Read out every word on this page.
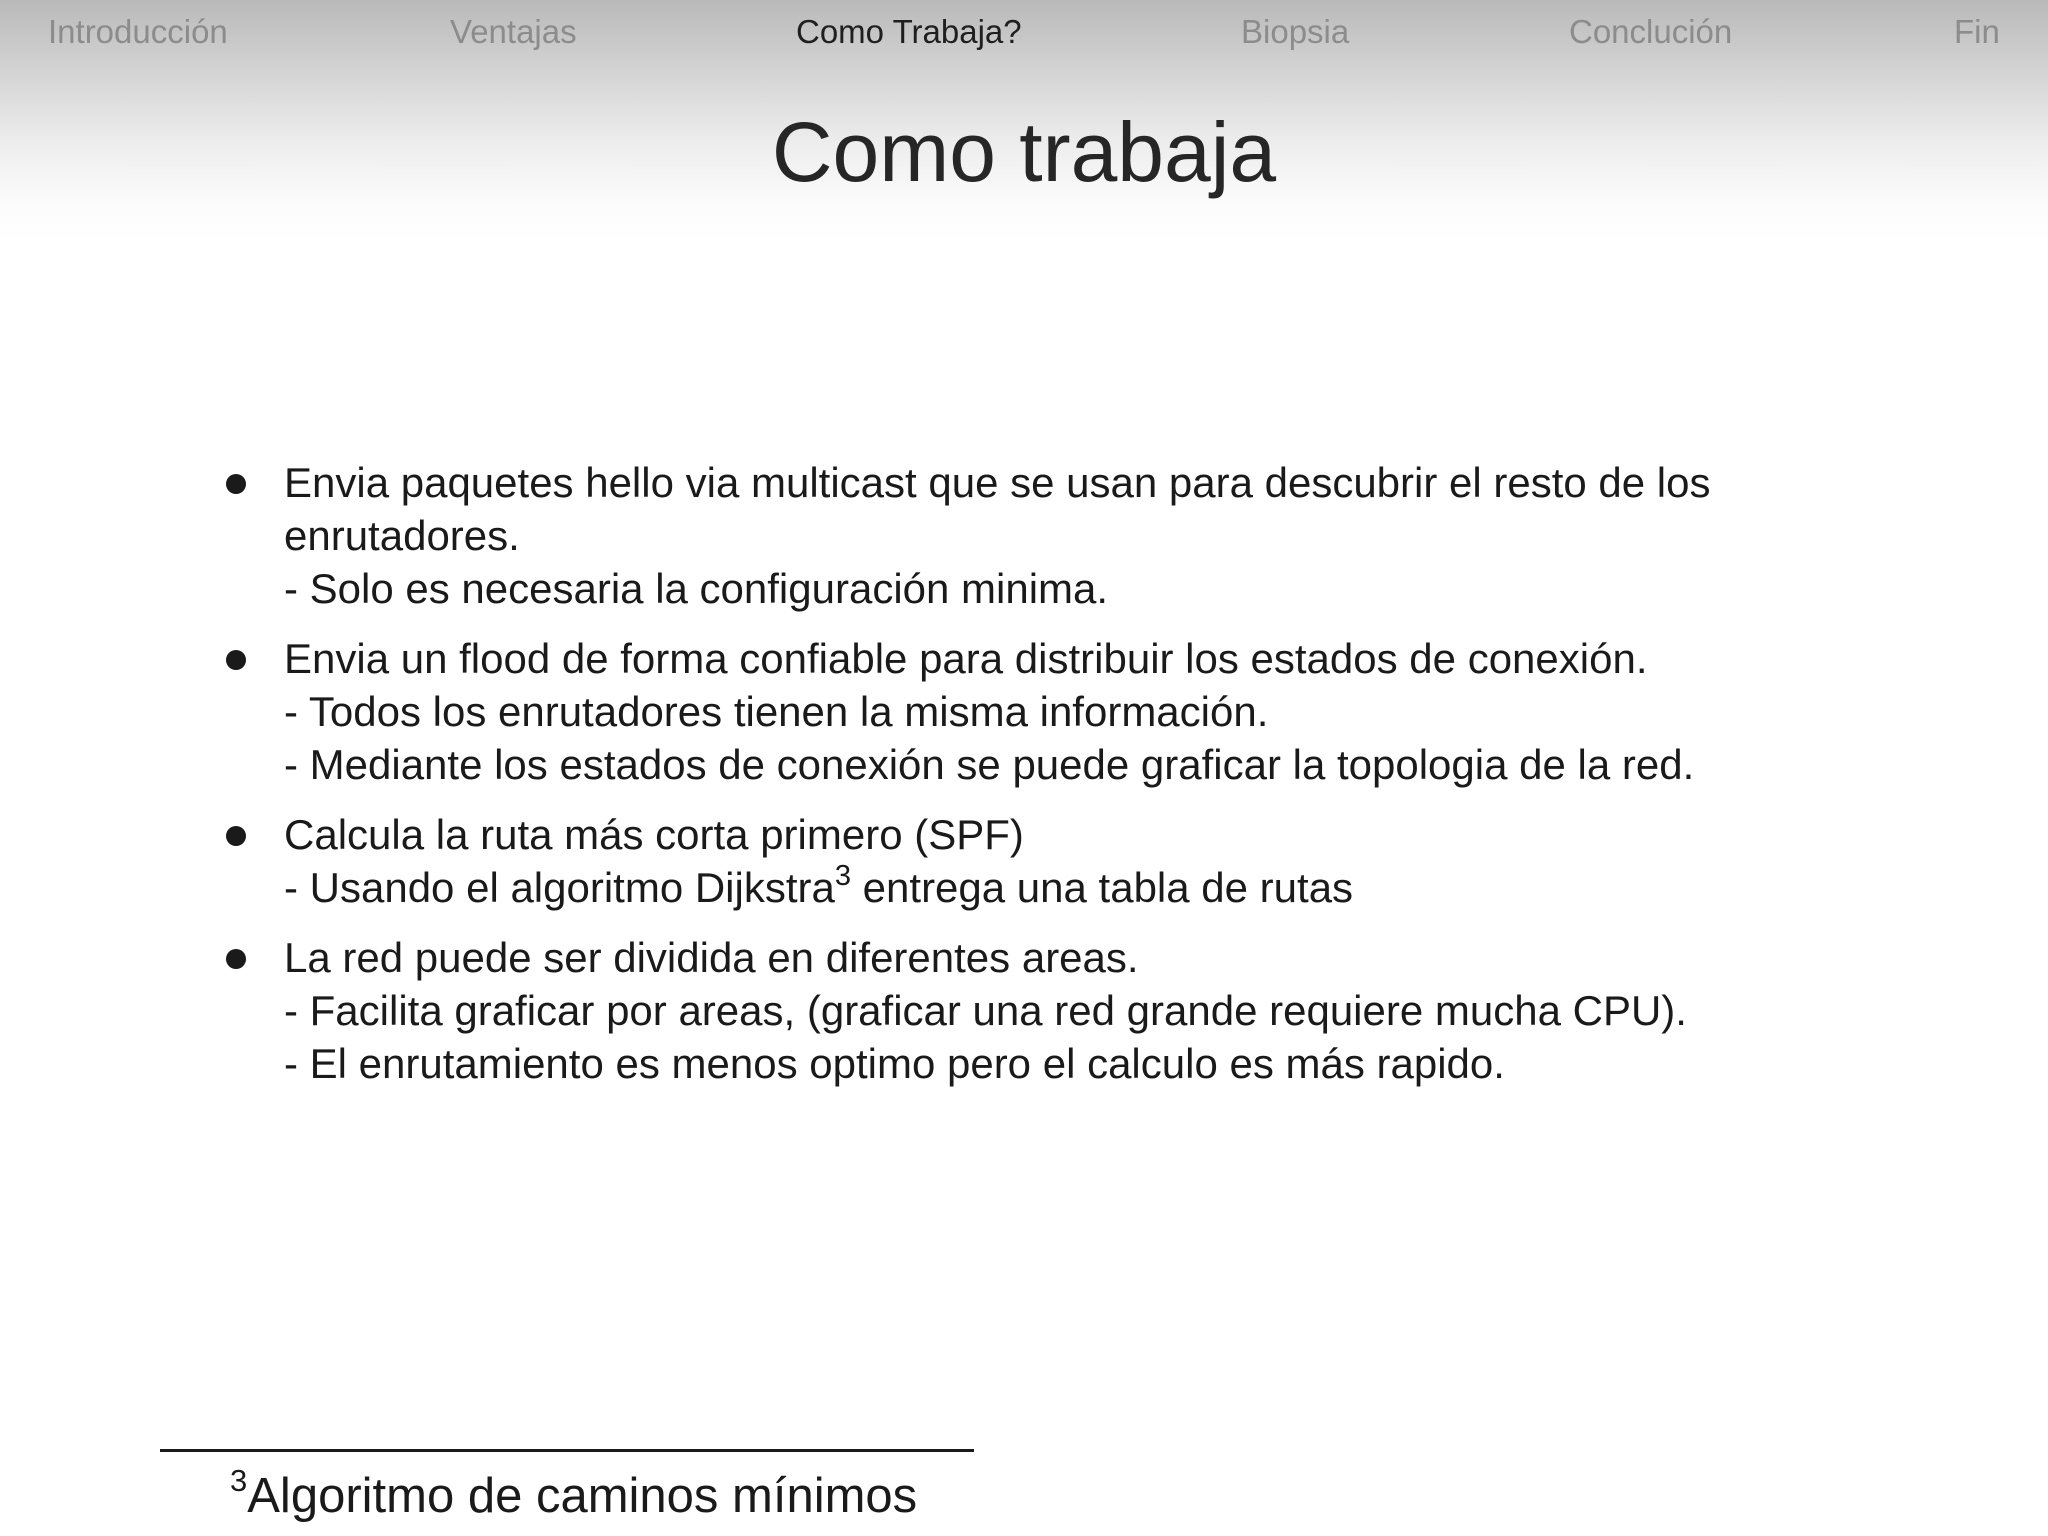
Introducción	Ventajas	Como Trabaja?	Biopsia	Conclución	Fin
Como trabaja
Envia paquetes hello via multicast que se usan para descubrir el resto de los
enrutadores.
- Solo es necesaria la configuración minima.
Envia un flood de forma confiable para distribuir los estados de conexión.
- Todos los enrutadores tienen la misma información.
- Mediante los estados de conexión se puede graficar la topologia de la red.
Calcula la ruta más corta primero (SPF)
- Usando el algoritmo Dijkstra$^3$ entrega una tabla de rutas
La red puede ser dividida en diferentes areas.
- Facilita graficar por areas, (graficar una red grande requiere mucha CPU).
- El enrutamiento es menos optimo pero el calculo es más rapido.
$^3$Algoritmo de caminos mínimos
